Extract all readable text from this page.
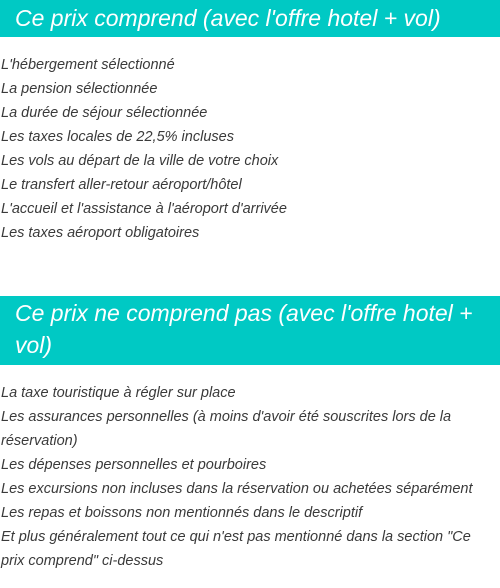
Ce prix comprend (avec l'offre hotel + vol)
L'hébergement sélectionné
La pension sélectionnée
La durée de séjour sélectionnée
Les taxes locales de 22,5% incluses
Les vols au départ de la ville de votre choix
Le transfert aller-retour aéroport/hôtel
L'accueil et l'assistance à l'aéroport d'arrivée
Les taxes aéroport obligatoires
Ce prix ne comprend pas (avec l'offre hotel + vol)
La taxe touristique à régler sur place
Les assurances personnelles (à moins d'avoir été souscrites lors de la réservation)
Les dépenses personnelles et pourboires
Les excursions non incluses dans la réservation ou achetées séparément
Les repas et boissons non mentionnés dans le descriptif
Et plus généralement tout ce qui n'est pas mentionné dans la section "Ce prix comprend" ci-dessus
